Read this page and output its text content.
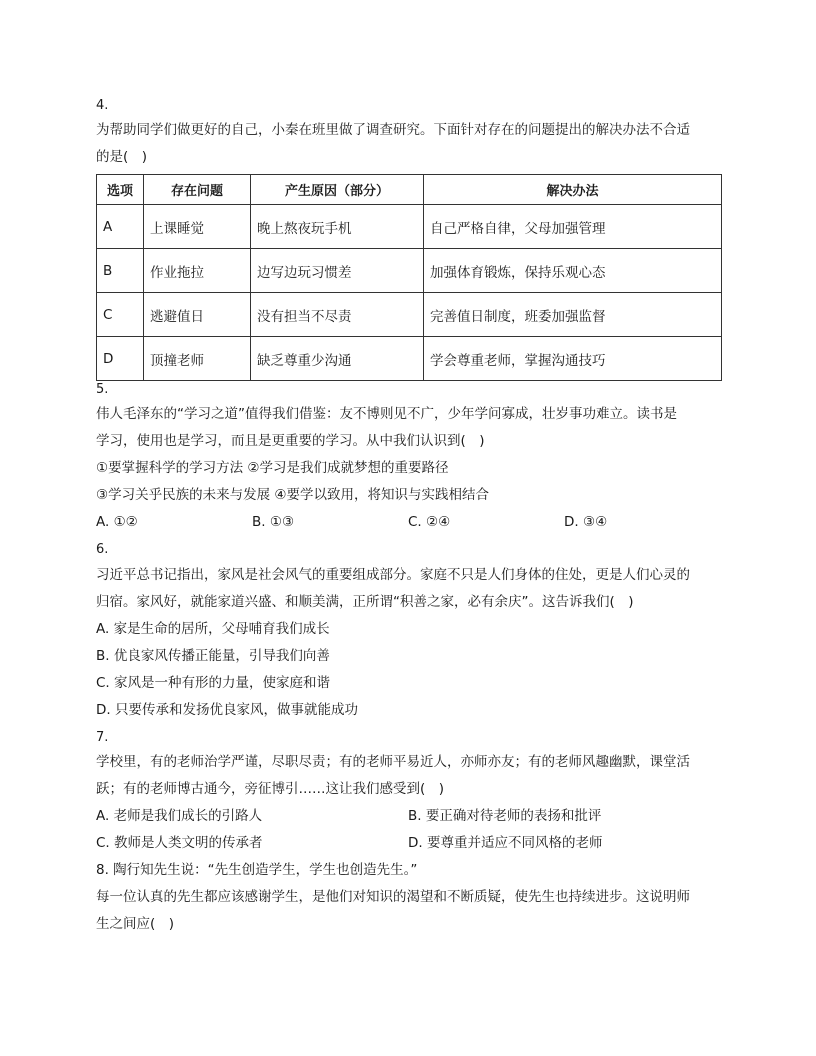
4.
为帮助同学们做更好的自己，小秦在班里做了调查研究。下面针对存在的问题提出的解决办法不合适
的是(　)
选项	存在问题	产生原因（部分）	解决办法
A	上课睡觉	晚上熬夜玩手机	自己严格自律，父母加强管理
B	作业拖拉	边写边玩习惯差	加强体育锻炼，保持乐观心态
C	逃避值日	没有担当不尽责	完善值日制度，班委加强监督
D	顶撞老师	缺乏尊重少沟通	学会尊重老师，掌握沟通技巧
5.
伟人毛泽东的“学习之道”值得我们借鉴：友不博则见不广，少年学问寡成，壮岁事功难立。读书是
学习，使用也是学习，而且是更重要的学习。从中我们认识到(　)
①要掌握科学的学习方法 ②学习是我们成就梦想的重要路径
③学习关乎民族的未来与发展 ④要学以致用，将知识与实践相结合
A. ①②	B. ①③	C. ②④	D. ③④
6.
习近平总书记指出，家风是社会风气的重要组成部分。家庭不只是人们身体的住处，更是人们心灵的
归宿。家风好，就能家道兴盛、和顺美满，正所谓“积善之家，必有余庆”。这告诉我们(　)
A. 家是生命的居所，父母哺育我们成长
B. 优良家风传播正能量，引导我们向善
C. 家风是一种有形的力量，使家庭和谐
D. 只要传承和发扬优良家风，做事就能成功
7.
学校里，有的老师治学严谨，尽职尽责；有的老师平易近人，亦师亦友；有的老师风趣幽默，课堂活
跃；有的老师博古通今，旁征博引……这让我们感受到(　)
A. 老师是我们成长的引路人	B. 要正确对待老师的表扬和批评
C. 教师是人类文明的传承者	D. 要尊重并适应不同风格的老师
8. 陶行知先生说：“先生创造学生，学生也创造先生。”
每一位认真的先生都应该感谢学生，是他们对知识的渴望和不断质疑，使先生也持续进步。这说明师
生之间应(　)
